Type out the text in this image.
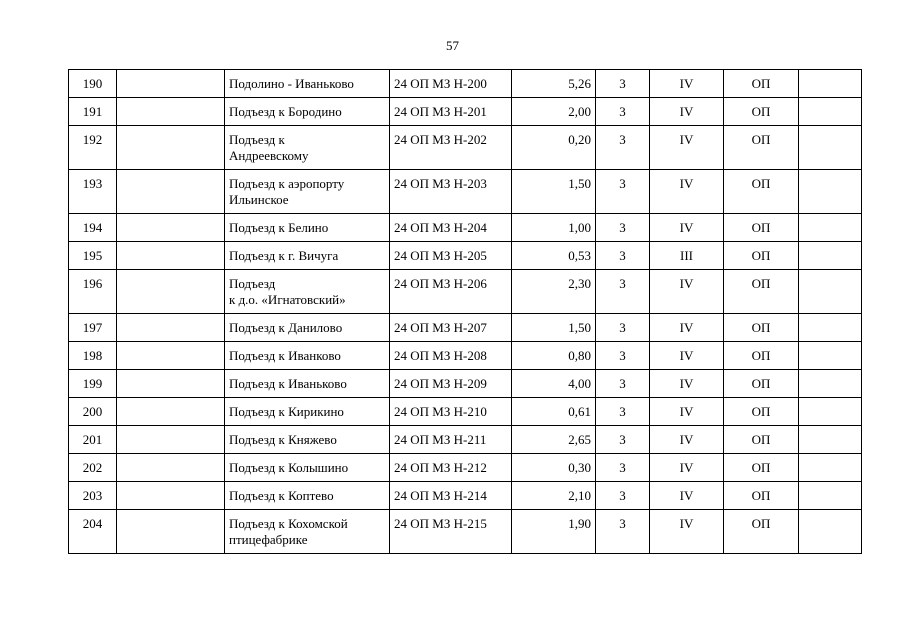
57
190		Подолино - Иваньково	24 ОП МЗ Н-200	5,26	3	IV	ОП	
191		Подъезд к Бородино	24 ОП МЗ Н-201	2,00	3	IV	ОП	
192		Подъезд к
Андреевскому	24 ОП МЗ Н-202	0,20	3	IV	ОП	
193		Подъезд к аэропорту
Ильинское	24 ОП МЗ Н-203	1,50	3	IV	ОП	
194		Подъезд к Белино	24 ОП МЗ Н-204	1,00	3	IV	ОП	
195		Подъезд к г. Вичуга	24 ОП МЗ Н-205	0,53	3	III	ОП	
196		Подъезд
к д.о. «Игнатовский»	24 ОП МЗ Н-206	2,30	3	IV	ОП	
197		Подъезд к Данилово	24 ОП МЗ Н-207	1,50	3	IV	ОП	
198		Подъезд к Иванково	24 ОП МЗ Н-208	0,80	3	IV	ОП	
199		Подъезд к Иваньково	24 ОП МЗ Н-209	4,00	3	IV	ОП	
200		Подъезд к Кирикино	24 ОП МЗ Н-210	0,61	3	IV	ОП	
201		Подъезд к Княжево	24 ОП МЗ Н-211	2,65	3	IV	ОП	
202		Подъезд к Колышино	24 ОП МЗ Н-212	0,30	3	IV	ОП	
203		Подъезд к Коптево	24 ОП МЗ Н-214	2,10	3	IV	ОП	
204		Подъезд к Кохомской
птицефабрике	24 ОП МЗ Н-215	1,90	3	IV	ОП	
